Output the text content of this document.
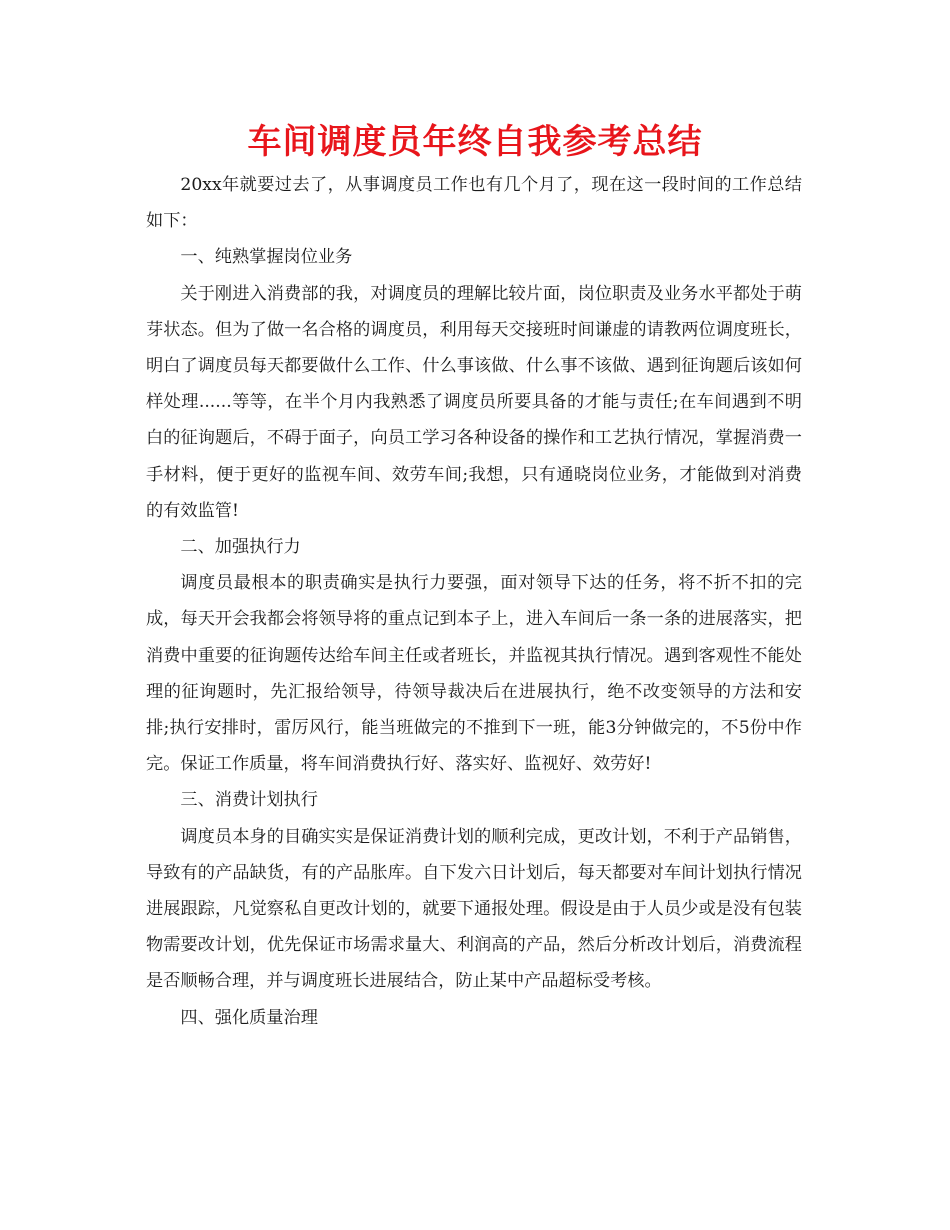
车间调度员年终自我参考总结

20xx年就要过去了，从事调度员工作也有几个月了，现在这一段时间的工作总结如下：

一、纯熟掌握岗位业务

关于刚进入消费部的我，对调度员的理解比较片面，岗位职责及业务水平都处于萌芽状态。但为了做一名合格的调度员，利用每天交接班时间谦虚的请教两位调度班长，明白了调度员每天都要做什么工作、什么事该做、什么事不该做、遇到征询题后该如何样处理......等等，在半个月内我熟悉了调度员所要具备的才能与责任;在车间遇到不明白的征询题后，不碍于面子，向员工学习各种设备的操作和工艺执行情况，掌握消费一手材料，便于更好的监视车间、效劳车间;我想，只有通晓岗位业务，才能做到对消费的有效监管!

二、加强执行力

调度员最根本的职责确实是执行力要强，面对领导下达的任务，将不折不扣的完成，每天开会我都会将领导将的重点记到本子上，进入车间后一条一条的进展落实，把消费中重要的征询题传达给车间主任或者班长，并监视其执行情况。遇到客观性不能处理的征询题时，先汇报给领导，待领导裁决后在进展执行，绝不改变领导的方法和安排;执行安排时，雷厉风行，能当班做完的不推到下一班，能3分钟做完的，不5份中作完。保证工作质量，将车间消费执行好、落实好、监视好、效劳好!

三、消费计划执行

调度员本身的目确实实是保证消费计划的顺利完成，更改计划，不利于产品销售，导致有的产品缺货，有的产品胀库。自下发六日计划后，每天都要对车间计划执行情况进展跟踪，凡觉察私自更改计划的，就要下通报处理。假设是由于人员少或是没有包装物需要改计划，优先保证市场需求量大、利润高的产品，然后分析改计划后，消费流程是否顺畅合理，并与调度班长进展结合，防止某中产品超标受考核。

四、强化质量治理
